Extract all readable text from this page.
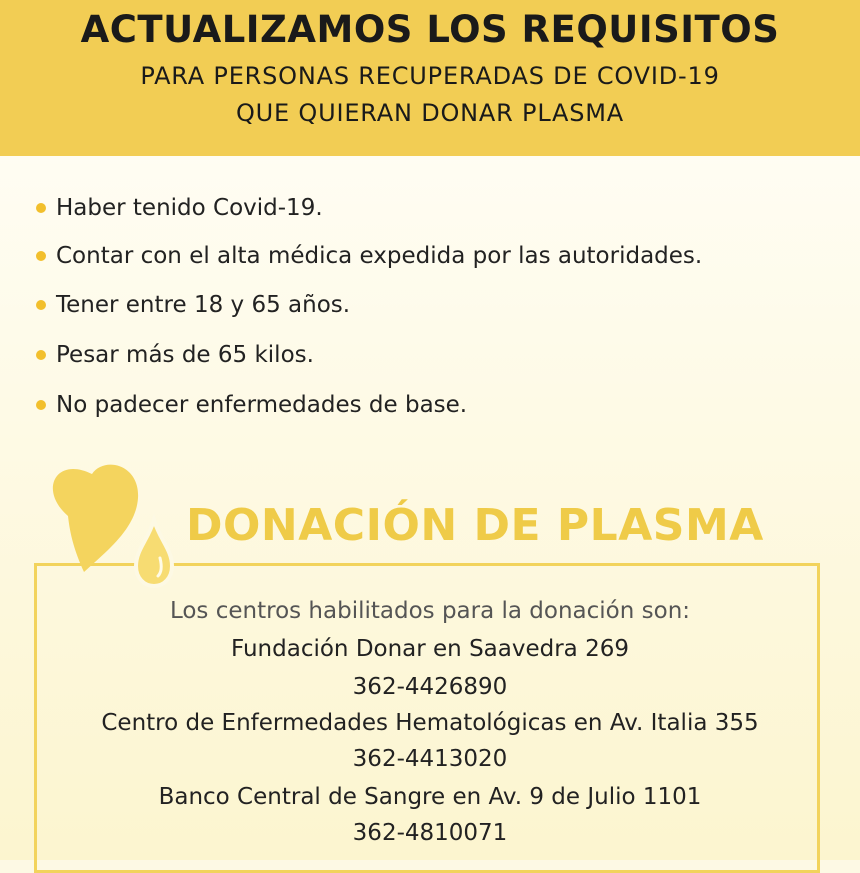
ACTUALIZAMOS LOS REQUISITOS
PARA PERSONAS RECUPERADAS DE COVID-19
QUE QUIERAN DONAR PLASMA
Haber tenido Covid-19.
Contar con el alta médica expedida por las autoridades.
Tener entre 18 y 65 años.
Pesar más de 65 kilos.
No padecer enfermedades de base.
DONACIÓN DE PLASMA
Los centros habilitados para la donación son:
Fundación Donar en Saavedra 269
362-4426890
Centro de Enfermedades Hematológicas en Av. Italia 355
362-4413020
Banco Central de Sangre en Av. 9 de Julio 1101
362-4810071
